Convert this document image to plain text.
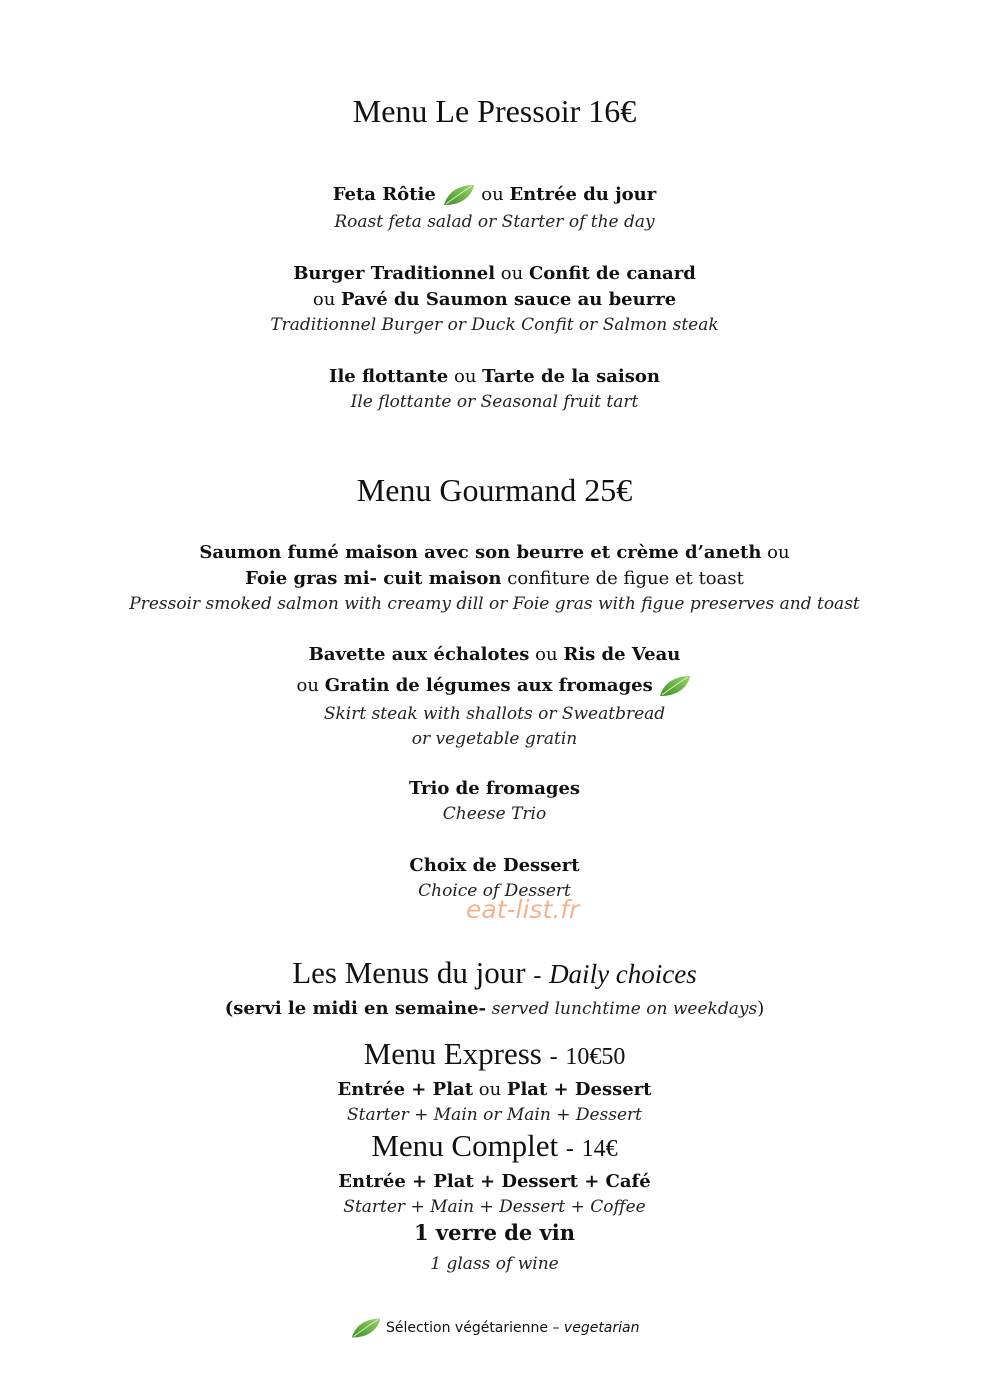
Menu Le Pressoir 16€
Feta Rôtie	ou Entrée du jour
Roast feta salad or Starter of the day
Burger Traditionnel ou Confit de canard
ou Pavé du Saumon sauce au beurre
Traditionnel Burger or Duck Confit or Salmon steak
Ile flottante ou Tarte de la saison
Ile flottante or Seasonal fruit tart
Menu Gourmand 25€
Saumon fumé maison avec son beurre et crème d’aneth ou
Foie gras mi- cuit maison confiture de figue et toast
Pressoir smoked salmon with creamy dill or Foie gras with figue preserves and toast
Bavette aux échalotes ou Ris de Veau
ou Gratin de légumes aux fromages
Skirt steak with shallots or Sweatbread
or vegetable gratin
Trio de fromages
Cheese Trio
Choix de Dessert
Choice of Dessert
eat-list.fr
Les Menus du jour - Daily choices
(servi le midi en semaine- served lunchtime on weekdays)
Menu Express - 10€50
Entrée + Plat ou Plat + Dessert
Starter + Main or Main + Dessert
Menu Complet - 14€
Entrée + Plat + Dessert + Café
Starter + Main + Dessert + Coffee
1 verre de vin
1 glass of wine
Sélection végétarienne – vegetarian
